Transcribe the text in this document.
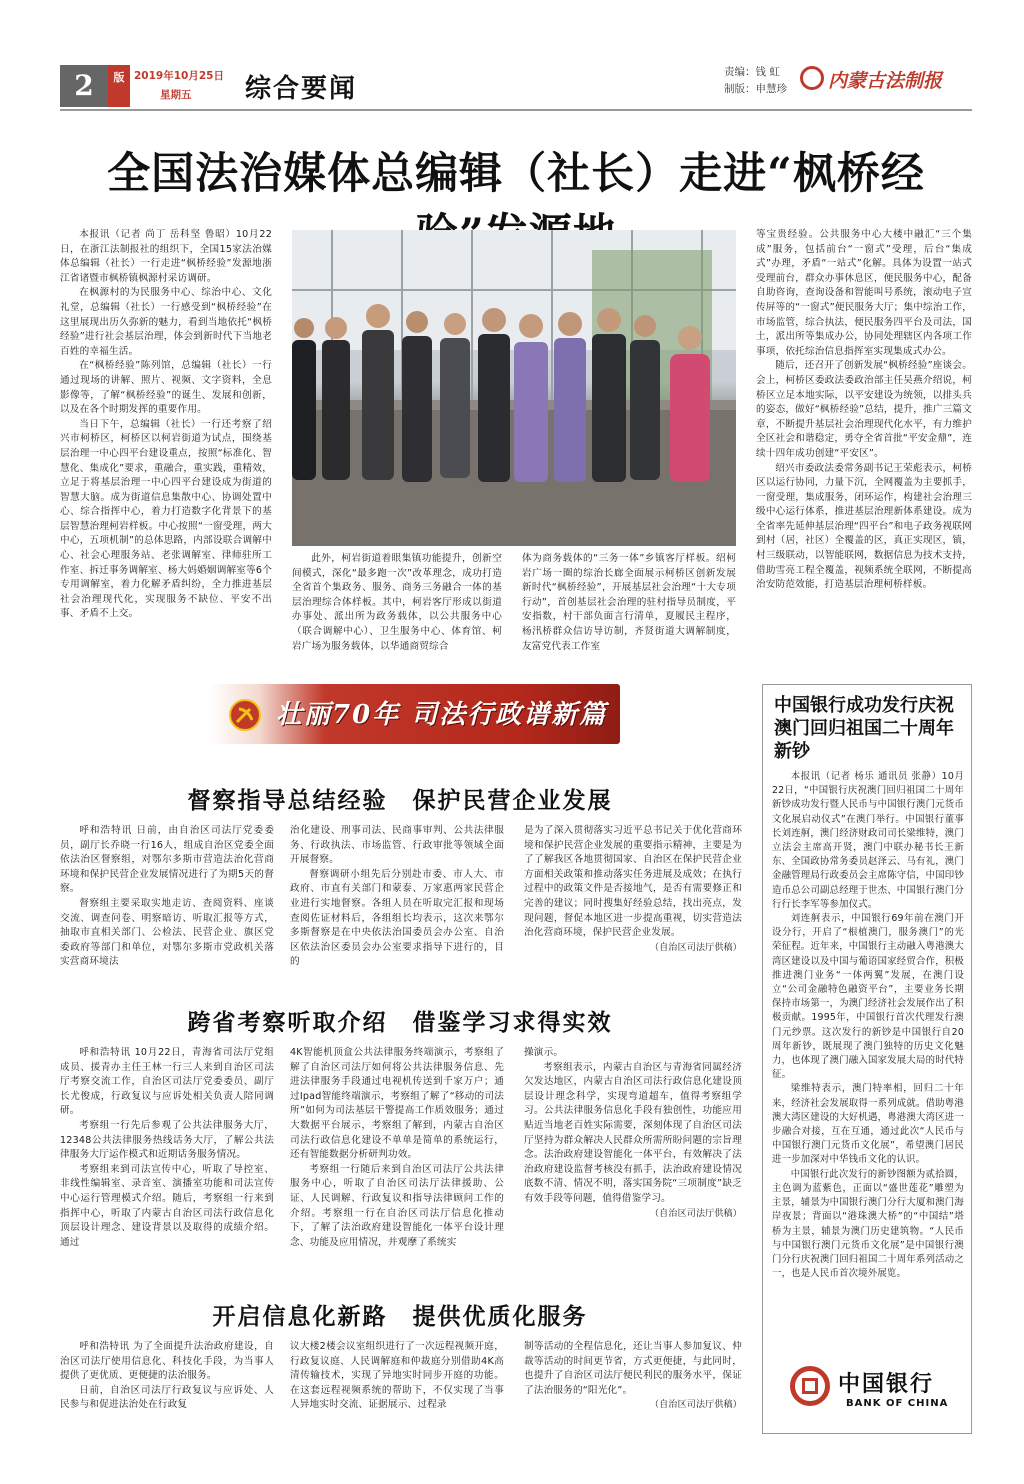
2	版 2019年10月25日
星期五 综合要闻
责编：钱 虹
制版：申慧珍 内蒙古法制报
全国法治媒体总编辑（社长）走进“枫桥经

本报讯（记者 尚丁 岳科坚 鲁昭）10月22日，在浙江法制报社的组织下，全国15家法治媒体总编辑（社长）一行走进“枫桥经验”发源地浙江省诸暨市枫桥镇枫源村采访调研。

在枫源村的为民服务中心、综治中心、文化礼堂，总编辑（社长）一行感受到“枫桥经验”在这里展现出历久弥新的魅力，看到当地依托“枫桥经验”进行社会基层治理，体会到新时代下当地老百姓的幸福生活。

在“枫桥经验”陈列馆，总编辑（社长）一行通过现场的讲解、照片、视频、文字资料，全息影像等，了解“枫桥经验”的诞生、发展和创新，以及在各个时期发挥的重要作用。

当日下午，总编辑（社长）一行还考察了绍兴市柯桥区，柯桥区以柯岩街道为试点，围绕基层治理一中心四平台建设重点，按照“标准化、智慧化、集成化”要求，重融合，重实践，重精效，立足于将基层治理一中心四平台建设成为街道的智慧大脑。成为街道信息集散中心、协调处置中心、综合指挥中心，着力打造数字化背景下的基层智慧治理柯岩样板。中心按照“一窗受理，两大中心，五项机制”的总体思路，内部设联合调解中心、社会心理服务站、老张调解室、律师驻所工作室、拆迁事务调解室、杨大妈婚姻调解室等6个专用调解室，着力化解矛盾纠纷，全力推进基层社会治理现代化，实现服务不缺位、平安不出事、矛盾不上交。

此外，柯岩街道着眼集镇功能提升，创新空间模式，深化“最多跑一次”改革理念，成功打造全省首个集政务、服务、商务三务融合一体的基层治理综合体样板。其中，柯岩客厅形成以街道办事处、派出所为政务载体，以公共服务中心（联合调解中心）、卫生服务中心、体育馆、柯岩广场为服务载体，以华通商贸综合

体为商务载体的“三务一体”乡镇客厅样板。绍柯岩广场一圈的综治长廊全面展示柯桥区创新发展新时代“枫桥经验”，开展基层社会治理“十大专项行动”，首创基层社会治理的驻村指导员制度，平安指数，村干部负面言行清单，夏履民主程序，杨汛桥群众信访导访制，齐贤街道大调解制度，友富党代表工作室

等宝贵经验。公共服务中心大楼中融汇“三个集成”服务，包括前台“一窗式”受理，后台“集成式”办理，矛盾“一站式”化解。具体为设置一站式受理前台，群众办事休息区，便民服务中心，配备自助咨询，查询设备和智能叫号系统，滚动电子宣传屏等的“一窗式”便民服务大厅；集中综治工作，市场监管，综合执法，便民服务四平台及司法，国土，派出所等集成办公，协同处理辖区内各项工作事项，依托综治信息指挥室实现集成式办公。

随后，还召开了创新发展“枫桥经验”座谈会。会上，柯桥区委政法委政治部主任吴燕介绍说，柯桥区立足本地实际，以平安建设为统领，以排头兵的姿态，做好“枫桥经验”总结，提升，推广三篇文章，不断提升基层社会治理现代化水平，有力维护全区社会和谐稳定，勇夺全省首批“平安金鼎”，连续十四年成功创建“平安区”。

绍兴市委政法委常务副书记王荣彪表示，柯桥区以运行协同，力量下沉，全网覆盖为主要抓手，一窗受理，集成服务，闭环运作，构建社会治理三级中心运行体系，推进基层治理新体系建设。成为全省率先延伸基层治理“四平台”和电子政务视联网到村（居，社区）全覆盖的区，真正实现区，镇，村三级联动，以智能联网，数据信息为技术支持，借助雪亮工程全覆盖，视频系统全联网，不断提高治安防范效能，打造基层治理柯桥样板。

壮丽70年 司法行政谱新篇
督察指导总结经验　保护民营企业发展

呼和浩特讯 日前，由自治区司法厅党委委员，副厅长乔晓一行16人，组成自治区党委全面依法治区督察组，对鄂尔多斯市营造法治化营商环境和保护民营企业发展情况进行了为期5天的督察。

督察组主要采取实地走访、查阅资料、座谈交流、调查问卷、明察暗访、听取汇报等方式，抽取市直相关部门、公检法、民营企业、旗区党委政府等部门和单位，对鄂尔多斯市党政机关落实营商环境法

治化建设、刑事司法、民商事审判、公共法律服务、行政执法、市场监管、行政审批等领域全面开展督察。

督察调研小组先后分别赴市委、市人大、市政府、市直有关部门和蒙泰、万家惠两家民营企业进行实地督察。各组人员在听取完汇报和现场查阅佐证材料后，各组组长均表示，这次来鄂尔多斯督察是在中央依法治国委员会办公室、自治区依法治区委员会办公室要求指导下进行的，目的

是为了深入贯彻落实习近平总书记关于优化营商环境和保护民营企业发展的重要指示精神，主要是为了了解我区各地贯彻国家、自治区在保护民营企业方面相关政策和推动落实任务进展及成效；在执行过程中的政策文件是否接地气，是否有需要修正和完善的建议；同时搜集好经验总结，找出亮点，发现问题，督促本地区进一步提高重视，切实营造法治化营商环境，保护民营企业发展。

（自治区司法厅供稿）

跨省考察听取介绍　借鉴学习求得实效

呼和浩特讯 10月22日，青海省司法厅党组成员、援青办主任王林一行三人来到自治区司法厅考察交流工作，自治区司法厅党委委员、副厅长尤俊成，行政复议与应诉处相关负责人陪同调研。

考察组一行先后参观了公共法律服务大厅，12348公共法律服务热线话务大厅，了解公共法律服务大厅运作模式和近期话务服务情况。

考察组来到司法宣传中心，听取了导控室、非线性编辑室、录音室、演播室功能和司法宣传中心运行管理模式介绍。随后，考察组一行来到指挥中心，听取了内蒙古自治区司法行政信息化顶层设计理念、建设背景以及取得的成绩介绍。通过

4K智能机顶盒公共法律服务终端演示，考察组了解了自治区司法厅如何将公共法律服务信息、先进法律服务手段通过电视机传送到千家万户；通过Ipad智能终端演示，考察组了解了“移动的司法所”如何为司法基层干警提高工作质效服务；通过大数据平台展示，考察组了解到，内蒙古自治区司法行政信息化建设不单单是简单的系统运行，还有智能数据分析研判功效。

考察组一行随后来到自治区司法厅公共法律服务中心，听取了自治区司法厅法律援助、公证、人民调解、行政复议和指导法律顾问工作的介绍。考察组一行在自治区司法厅信息化推动下，了解了法治政府建设智能化一体平台设计理念、功能及应用情况，并观摩了系统实

操演示。

考察组表示，内蒙古自治区与青海省同属经济欠发达地区，内蒙古自治区司法行政信息化建设顶层设计理念科学，实现弯道超车，值得考察组学习。公共法律服务信息化手段有独创性，功能应用贴近当地老百姓实际需要，深刻体现了自治区司法厅坚持为群众解决人民群众所需所盼问题的宗旨理念。法治政府建设智能化一体平台，有效解决了法治政府建设监督考核没有抓手，法治政府建设情况底数不清、情况不明，落实国务院“三项制度”缺乏有效手段等问题，值得借鉴学习。

（自治区司法厅供稿）

开启信息化新路　提供优质化服务

呼和浩特讯 为了全面提升法治政府建设，自治区司法厅使用信息化、科技化手段，为当事人提供了更优质、更便捷的法治服务。

日前，自治区司法厅行政复议与应诉处、人民参与和促进法治处在行政复

议大楼2楼会议室组织进行了一次远程视频开庭，行政复议庭、人民调解庭和仲裁庭分别借助4K高清传输技术，实现了异地实时同步开庭的功能。在这套远程视频系统的帮助下，不仅实现了当事人异地实时交流、证据展示、过程录

制等活动的全程信息化，还让当事人参加复议、仲裁等活动的时间更节省，方式更便捷，与此同时，也提升了自治区司法厅便民利民的服务水平，保证了法治服务的“阳光化”。

（自治区司法厅供稿）

中国银行成功发行庆祝澳门回归祖国二十周年新钞

本报讯（记者 杨乐 通讯员 张静）10月22日，“中国银行庆祝澳门回归祖国二十周年新钞成功发行暨人民币与中国银行澳门元货币文化展启动仪式”在澳门举行。中国银行董事长刘连舸，澳门经济财政司司长梁维特，澳门立法会主席高开贤，澳门中联办秘书长王新东、全国政协常务委员赵泽云、马有礼，澳门金融管理局行政委员会主席陈守信，中国印钞造币总公司副总经理于世杰、中国银行澳门分行行长李军等参加仪式。

刘连舸表示，中国银行69年前在澳门开设分行，开启了“根植澳门，服务澳门”的光荣征程。近年来，中国银行主动融入粤港澳大湾区建设以及中国与葡语国家经贸合作，积极推进澳门业务“一体两翼”发展，在澳门设立“公司金融特色融资平台”，主要业务长期保持市场第一，为澳门经济社会发展作出了积极贡献。1995年，中国银行首次代理发行澳门元纱票。这次发行的新钞是中国银行自20周年新钞，既展现了澳门独特的历史文化魅力，也体现了澳门融入国家发展大局的时代特征。

梁维特表示，澳门特率相，回归二十年来，经济社会发展取得一系列成就。借助粤港澳大湾区建设的大好机遇，粤港澳大湾区进一步融合对接，互在互通，通过此次“人民币与中国银行澳门元货币文化展”，希望澳门居民进一步加深对中华钱币文化的认识。

中国银行此次发行的新钞图额为贰拾圆，主色调为蓝紫色，正面以“盛世莲花”雕塑为主景，辅景为中国银行澳门分行大厦和澳门海岸夜景；背面以“港珠澳大桥”的“中国结”塔桥为主景，辅景为澳门历史建筑物。“人民币与中国银行澳门元货币文化展”是中国银行澳门分行庆祝澳门回归祖国二十周年系列活动之一，也是人民币首次境外展览。

中国银行
BANK OF CHINA
